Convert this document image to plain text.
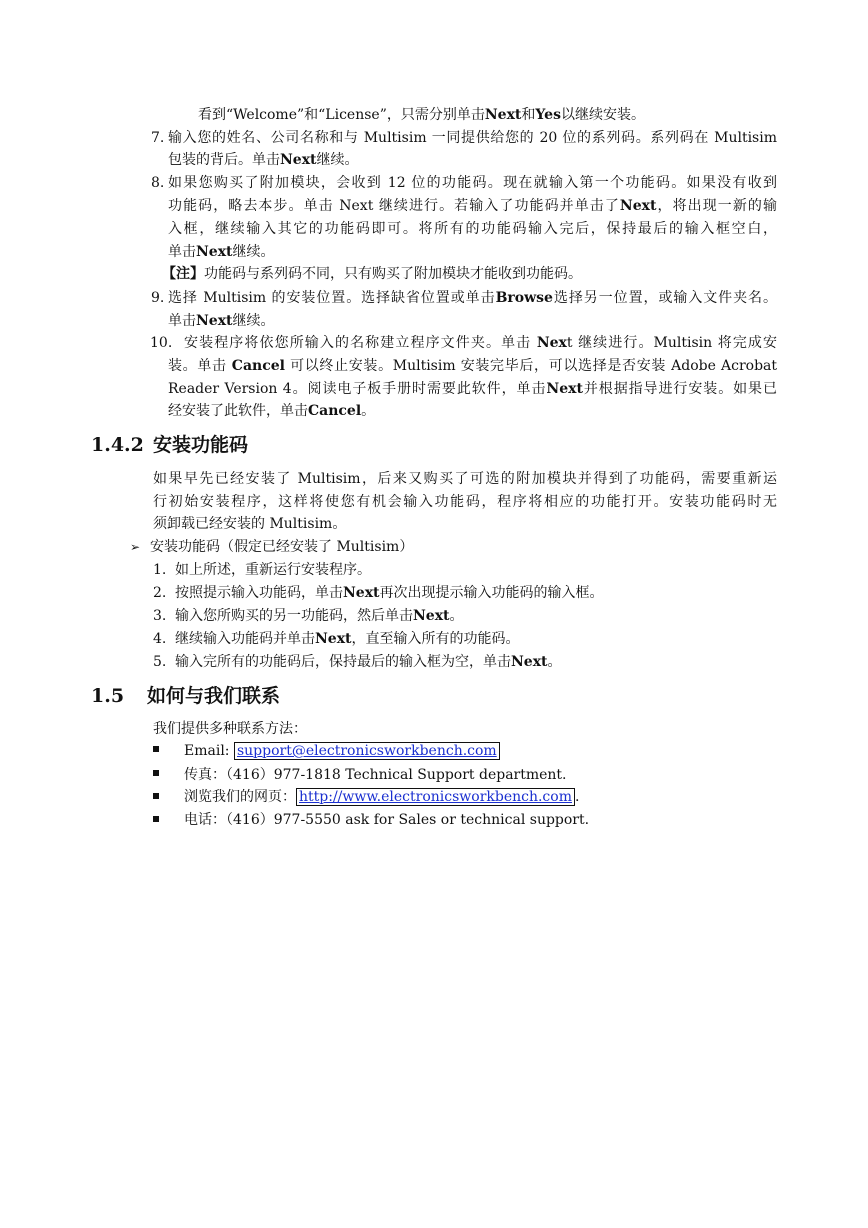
看到“Welcome”和“License”，只需分别单击Next和Yes以继续安装。
7. 输入您的姓名、公司名称和与 Multisim 一同提供给您的 20 位的系列码。系列码在 Multisim
包装的背后。单击Next继续。
8. 如果您购买了附加模块，会收到 12 位的功能码。现在就输入第一个功能码。如果没有收到
功能码，略去本步。单击 Next 继续进行。若输入了功能码并单击了Next，将出现一新的输
入框，继续输入其它的功能码即可。将所有的功能码输入完后，保持最后的输入框空白，
单击Next继续。
【注】功能码与系列码不同，只有购买了附加模块才能收到功能码。
9. 选择 Multisim 的安装位置。选择缺省位置或单击Browse选择另一位置，或输入文件夹名。
单击Next继续。
10. 安装程序将依您所输入的名称建立程序文件夹。单击 Next 继续进行。Multisin 将完成安
装。单击 Cancel 可以终止安装。Multisim 安装完毕后，可以选择是否安装 Adobe Acrobat
Reader Version 4。阅读电子板手册时需要此软件，单击Next并根据指导进行安装。如果已
经安装了此软件，单击Cancel。
1.4.2 安装功能码
如果早先已经安装了 Multisim，后来又购买了可选的附加模块并得到了功能码，需要重新运
行初始安装程序，这样将使您有机会输入功能码，程序将相应的功能打开。安装功能码时无
须卸载已经安装的 Multisim。
➢ 安装功能码（假定已经安装了 Multisim）
1. 如上所述，重新运行安装程序。
2. 按照提示输入功能码，单击Next再次出现提示输入功能码的输入框。
3. 输入您所购买的另一功能码，然后单击Next。
4. 继续输入功能码并单击Next，直至输入所有的功能码。
5. 输入完所有的功能码后，保持最后的输入框为空，单击Next。
1.5 如何与我们联系
我们提供多种联系方法：
Email: support@electronicsworkbench.com
传真：（416）977-1818 Technical Support department.
浏览我们的网页： http://www.electronicsworkbench.com .
电话：（416）977-5550 ask for Sales or technical support.
